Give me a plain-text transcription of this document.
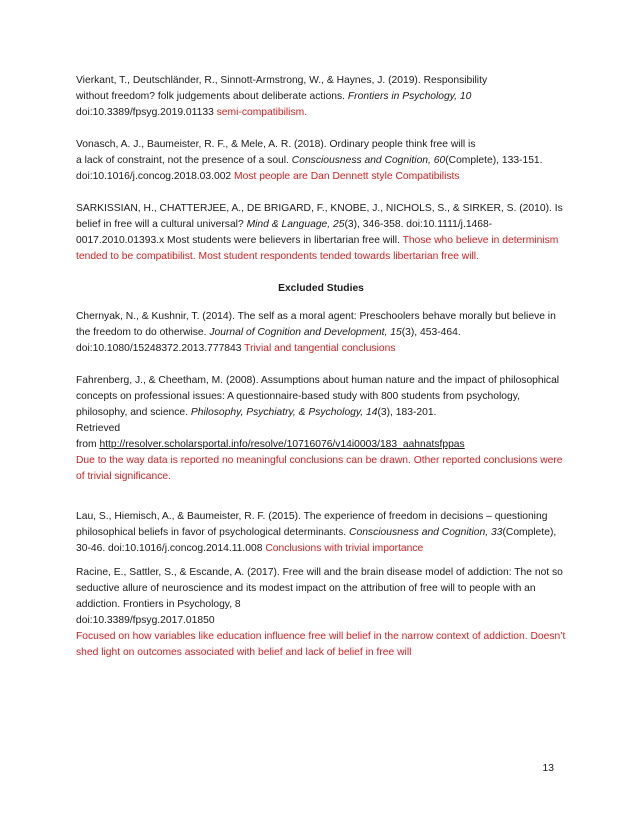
Vierkant, T., Deutschländer, R., Sinnott-Armstrong, W., & Haynes, J. (2019). Responsibility
without freedom? folk judgements about deliberate actions. Frontiers in Psychology, 10 doi:10.3389/fpsyg.2019.01133 semi-compatibilism.

Vonasch, A. J., Baumeister, R. F., & Mele, A. R. (2018). Ordinary people think free will is
a lack of constraint, not the presence of a soul. Consciousness and Cognition, 60(Complete), 133-151. doi:10.1016/j.concog.2018.03.002 Most people are Dan Dennett style Compatibilists

SARKISSIAN, H., CHATTERJEE, A., DE BRIGARD, F., KNOBE, J., NICHOLS, S., & SIRKER, S. (2010). Is
belief in free will a cultural universal? Mind & Language, 25(3), 346-358. doi:10.1111/j.1468-0017.2010.01393.x Most students were believers in libertarian free will. Those who believe in determinism tended to be compatibilist. Most student respondents tended towards libertarian free will.

Excluded Studies

Chernyak, N., & Kushnir, T. (2014). The self as a moral agent: Preschoolers behave morally but believe in the freedom to do otherwise. Journal of Cognition and Development, 15(3), 453-464. doi:10.1080/15248372.2013.777843 Trivial and tangential conclusions

Fahrenberg, J., & Cheetham, M. (2008). Assumptions about human nature and the impact of philosophical concepts on professional issues: A questionnaire-based study with 800 students from psychology, philosophy, and science. Philosophy, Psychiatry, & Psychology, 14(3), 183-201.
Retrieved
from http://resolver.scholarsportal.info/resolve/10716076/v14i0003/183_aahnatsfppas
Due to the way data is reported no meaningful conclusions can be drawn. Other reported conclusions were of trivial significance.

Lau, S., Hiemisch, A., & Baumeister, R. F. (2015). The experience of freedom in decisions – questioning philosophical beliefs in favor of psychological determinants. Consciousness and Cognition, 33(Complete), 30-46. doi:10.1016/j.concog.2014.11.008 Conclusions with trivial importance

Racine, E., Sattler, S., & Escande, A. (2017). Free will and the brain disease model of addiction: The not so seductive allure of neuroscience and its modest impact on the attribution of free will to people with an addiction. Frontiers in Psychology, 8
doi:10.3389/fpsyg.2017.01850
Focused on how variables like education influence free will belief in the narrow context of addiction. Doesn’t shed light on outcomes associated with belief and lack of belief in free will

13
